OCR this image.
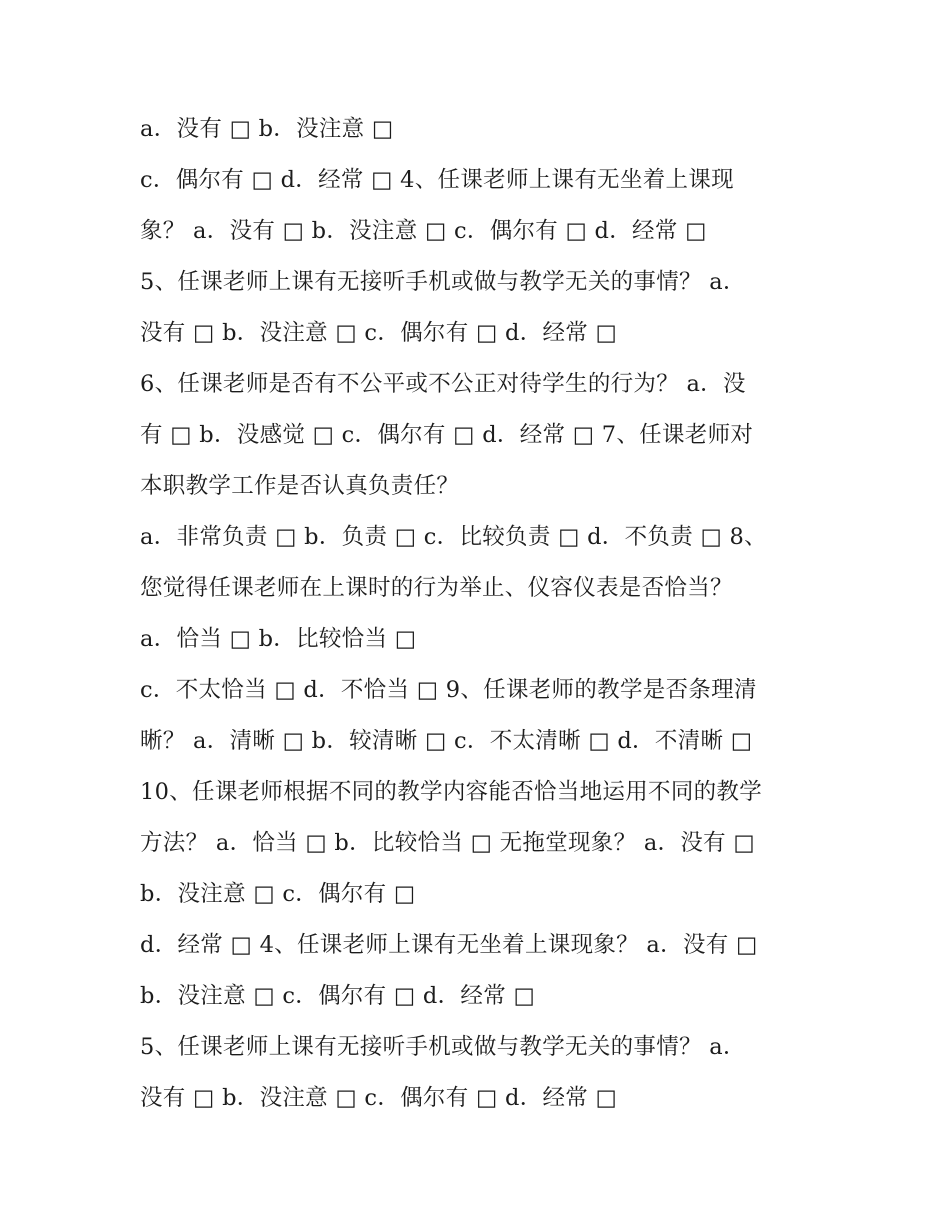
a．没有 □ b．没注意 □
c．偶尔有 □ d．经常 □ 4、任课老师上课有无坐着上课现
象？ a．没有 □ b．没注意 □ c．偶尔有 □ d．经常 □
5、任课老师上课有无接听手机或做与教学无关的事情？ a．
没有 □ b．没注意 □ c．偶尔有 □ d．经常 □
6、任课老师是否有不公平或不公正对待学生的行为？ a．没
有 □ b．没感觉 □ c．偶尔有 □ d．经常 □ 7、任课老师对
本职教学工作是否认真负责任？
a．非常负责 □ b．负责 □ c．比较负责 □ d．不负责 □ 8、
您觉得任课老师在上课时的行为举止、仪容仪表是否恰当？
a．恰当 □ b．比较恰当 □
c．不太恰当 □ d．不恰当 □ 9、任课老师的教学是否条理清
晰？ a．清晰 □ b．较清晰 □ c．不太清晰 □ d．不清晰 □
10、任课老师根据不同的教学内容能否恰当地运用不同的教学
方法？ a．恰当 □ b．比较恰当 □ 无拖堂现象？ a．没有 □
b．没注意 □ c．偶尔有 □
d．经常 □ 4、任课老师上课有无坐着上课现象？ a．没有 □
b．没注意 □ c．偶尔有 □ d．经常 □
5、任课老师上课有无接听手机或做与教学无关的事情？ a．
没有 □ b．没注意 □ c．偶尔有 □ d．经常 □
